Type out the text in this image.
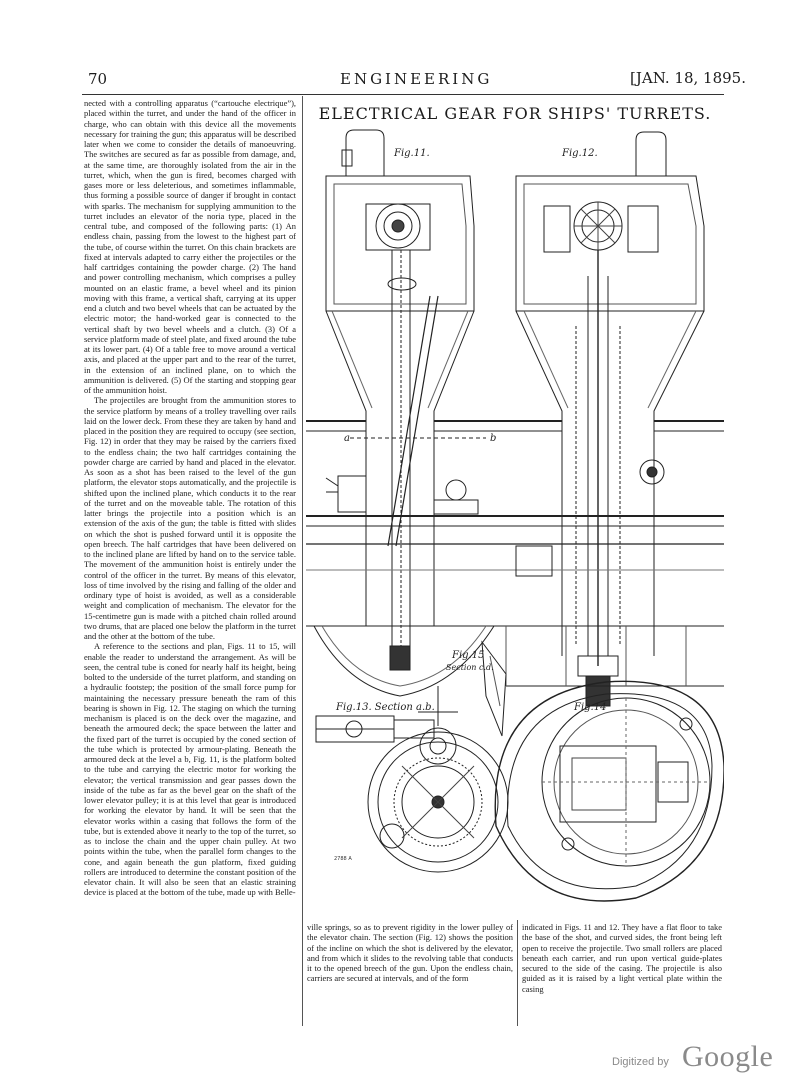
70	ENGINEERING	[JAN. 18, 1895.

nected with a controlling apparatus (“cartouche electrique”), placed within the turret, and under the hand of the officer in charge, who can obtain with this device all the movements necessary for training the gun; this apparatus will be described later when we come to consider the details of manoeuvring. The switches are secured as far as possible from damage, and, at the same time, are thoroughly isolated from the air in the turret, which, when the gun is fired, becomes charged with gases more or less deleterious, and sometimes inflammable, thus forming a possible source of danger if brought in contact with sparks. The mechanism for supplying ammunition to the turret includes an elevator of the noria type, placed in the central tube, and composed of the following parts: (1) An endless chain, passing from the lowest to the highest part of the tube, of course within the turret. On this chain brackets are fixed at intervals adapted to carry either the projectiles or the half cartridges containing the powder charge. (2) The hand and power controlling mechanism, which comprises a pulley mounted on an elastic frame, a bevel wheel and its pinion moving with this frame, a vertical shaft, carrying at its upper end a clutch and two bevel wheels that can be actuated by the electric motor; the hand-worked gear is connected to the vertical shaft by two bevel wheels and a clutch. (3) Of a service platform made of steel plate, and fixed around the tube at its lower part. (4) Of a table free to move around a vertical axis, and placed at the upper part and to the rear of the turret, in the extension of an inclined plane, on to which the ammunition is delivered. (5) Of the starting and stopping gear of the ammunition hoist.

The projectiles are brought from the ammunition stores to the service platform by means of a trolley travelling over rails laid on the lower deck. From these they are taken by hand and placed in the position they are required to occupy (see section, Fig. 12) in order that they may be raised by the carriers fixed to the endless chain; the two half cartridges containing the powder charge are carried by hand and placed in the elevator. As soon as a shot has been raised to the level of the gun platform, the elevator stops automatically, and the projectile is shifted upon the inclined plane, which conducts it to the rear of the turret and on the moveable table. The rotation of this latter brings the projectile into a position which is an extension of the axis of the gun; the table is fitted with slides on which the shot is pushed forward until it is opposite the open breech. The half cartridges that have been delivered on to the inclined plane are lifted by hand on to the service table. The movement of the ammunition hoist is entirely under the control of the officer in the turret. By means of this elevator, loss of time involved by the rising and falling of the older and ordinary type of hoist is avoided, as well as a considerable weight and complication of mechanism. The elevator for the 15-centimetre gun is made with a pitched chain rolled around two drums, that are placed one below the platform in the turret and the other at the bottom of the tube.

A reference to the sections and plan, Figs. 11 to 15, will enable the reader to understand the arrangement. As will be seen, the central tube is coned for nearly half its height, being bolted to the underside of the turret platform, and standing on a hydraulic footstep; the position of the small force pump for maintaining the necessary pressure beneath the ram of this bearing is shown in Fig. 12. The staging on which the turning mechanism is placed is on the deck over the magazine, and beneath the armoured deck; the space between the latter and the fixed part of the turret is occupied by the coned section of the tube which is protected by armour-plating. Beneath the armoured deck at the level a b, Fig. 11, is the platform bolted to the tube and carrying the electric motor for working the elevator; the vertical transmission and gear passes down the inside of the tube as far as the bevel gear on the shaft of the lower elevator pulley; it is at this level that gear is introduced for working the elevator by hand. It will be seen that the elevator works within a casing that follows the form of the tube, but is extended above it nearly to the top of the turret, so as to inclose the chain and the upper chain pulley. At two points within the tube, when the parallel form changes to the cone, and again beneath the gun platform, fixed guiding rollers are introduced to determine the constant position of the elevator chain. It will also be seen that an elastic straining device is placed at the bottom of the tube, made up with Belle-

ville springs, so as to prevent rigidity in the lower pulley of the elevator chain. The section (Fig. 12) shows the position of the incline on which the shot is delivered by the elevator, and from which it slides to the revolving table that conducts it to the opened breech of the gun. Upon the endless chain, carriers are secured at intervals, and of the form

indicated in Figs. 11 and 12. They have a flat floor to take the base of the shot, and curved sides, the front being left open to receive the projectile. Two small rollers are placed beneath each carrier, and run upon vertical guide-plates secured to the side of the casing. The projectile is also guided as it is raised by a light vertical plate within the casing

ELECTRICAL GEAR FOR SHIPS' TURRETS.
Fig.11.	Fig.12.
Fig.13. Section a.b.	Fig.14
Fig.15
Section c.d.
a	b
2788 A
Digitized by Google
